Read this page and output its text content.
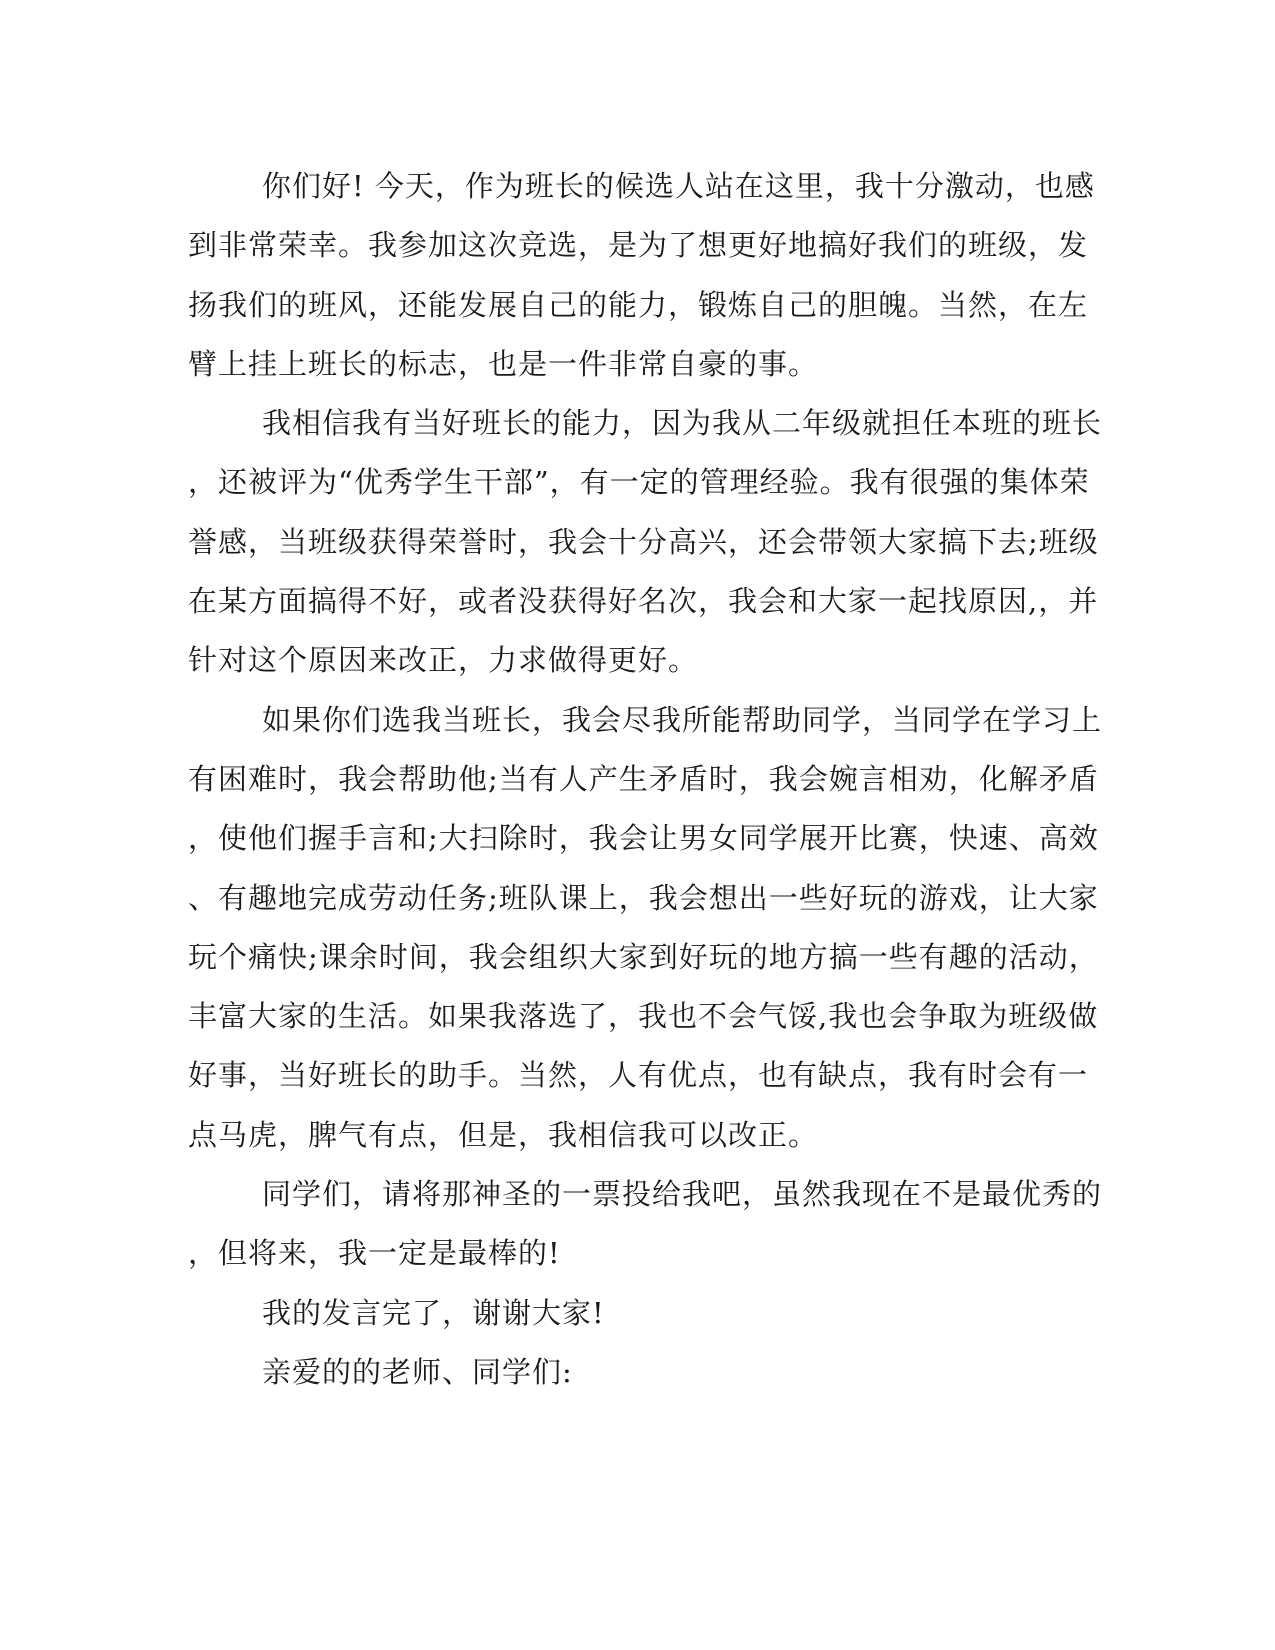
你们好! 今天，作为班长的候选人站在这里，我十分激动，也感
到非常荣幸。我参加这次竞选，是为了想更好地搞好我们的班级，发
扬我们的班风，还能发展自己的能力，锻炼自己的胆魄。当然，在左
臂上挂上班长的标志，也是一件非常自豪的事。
我相信我有当好班长的能力，因为我从二年级就担任本班的班长
，还被评为“优秀学生干部”，有一定的管理经验。我有很强的集体荣
誉感，当班级获得荣誉时，我会十分高兴，还会带领大家搞下去;班级
在某方面搞得不好，或者没获得好名次，我会和大家一起找原因,，并
针对这个原因来改正，力求做得更好。
如果你们选我当班长，我会尽我所能帮助同学，当同学在学习上
有困难时，我会帮助他;当有人产生矛盾时，我会婉言相劝，化解矛盾
，使他们握手言和;大扫除时，我会让男女同学展开比赛，快速、高效
、有趣地完成劳动任务;班队课上，我会想出一些好玩的游戏，让大家
玩个痛快;课余时间，我会组织大家到好玩的地方搞一些有趣的活动，
丰富大家的生活。如果我落选了，我也不会气馁,我也会争取为班级做
好事，当好班长的助手。当然，人有优点，也有缺点，我有时会有一
点马虎，脾气有点，但是，我相信我可以改正。
同学们，请将那神圣的一票投给我吧，虽然我现在不是最优秀的
，但将来，我一定是最棒的!
我的发言完了，谢谢大家!
亲爱的的老师、同学们:
